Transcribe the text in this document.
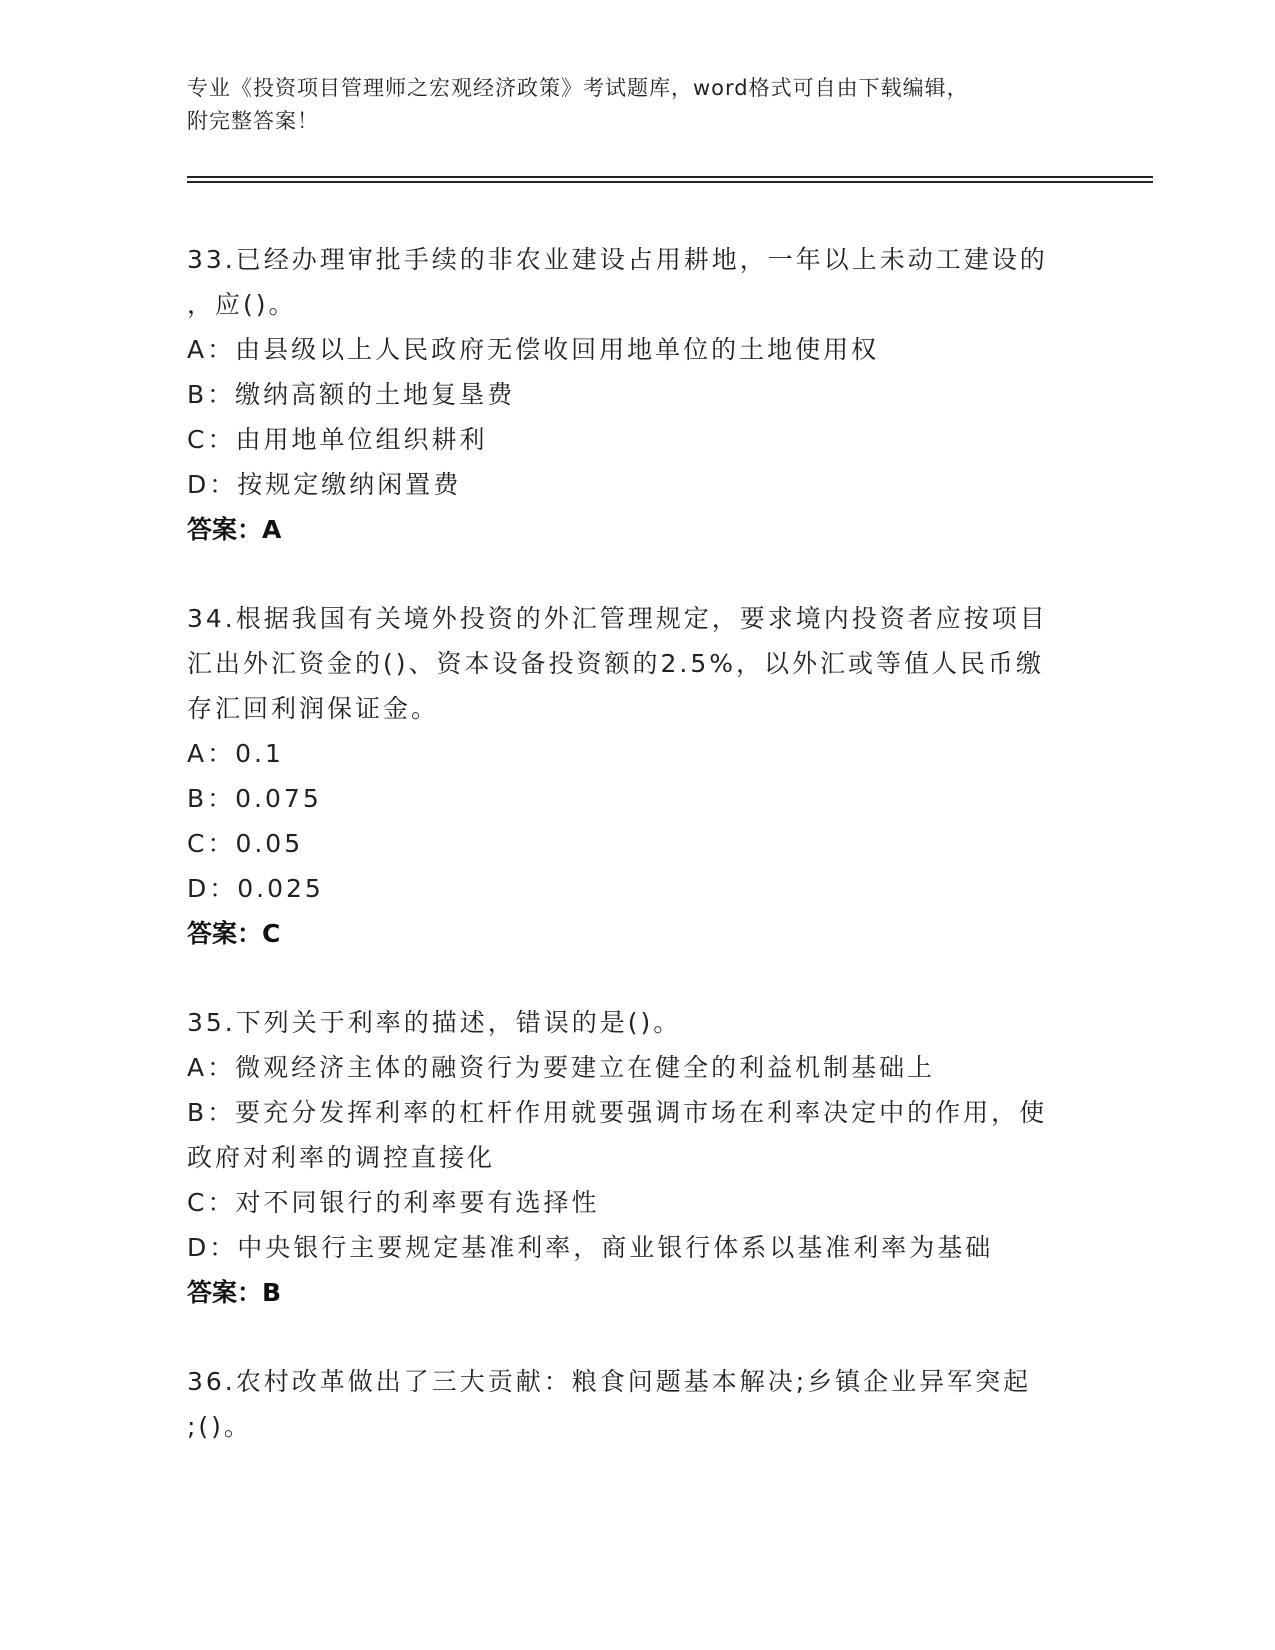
专业《投资项目管理师之宏观经济政策》考试题库，word格式可自由下载编辑，
附完整答案！

33.已经办理审批手续的非农业建设占用耕地，一年以上未动工建设的

，应()。

A：由县级以上人民政府无偿收回用地单位的土地使用权

B：缴纳高额的土地复垦费

C：由用地单位组织耕利

D：按规定缴纳闲置费

答案：A

34.根据我国有关境外投资的外汇管理规定，要求境内投资者应按项目

汇出外汇资金的()、资本设备投资额的2.5%，以外汇或等值人民币缴

存汇回利润保证金。

A：0.1

B：0.075

C：0.05

D：0.025

答案：C

35.下列关于利率的描述，错误的是()。

A：微观经济主体的融资行为要建立在健全的利益机制基础上

B：要充分发挥利率的杠杆作用就要强调市场在利率决定中的作用，使

政府对利率的调控直接化

C：对不同银行的利率要有选择性

D：中央银行主要规定基准利率，商业银行体系以基准利率为基础

答案：B

36.农村改革做出了三大贡献：粮食问题基本解决;乡镇企业异军突起

;()。
